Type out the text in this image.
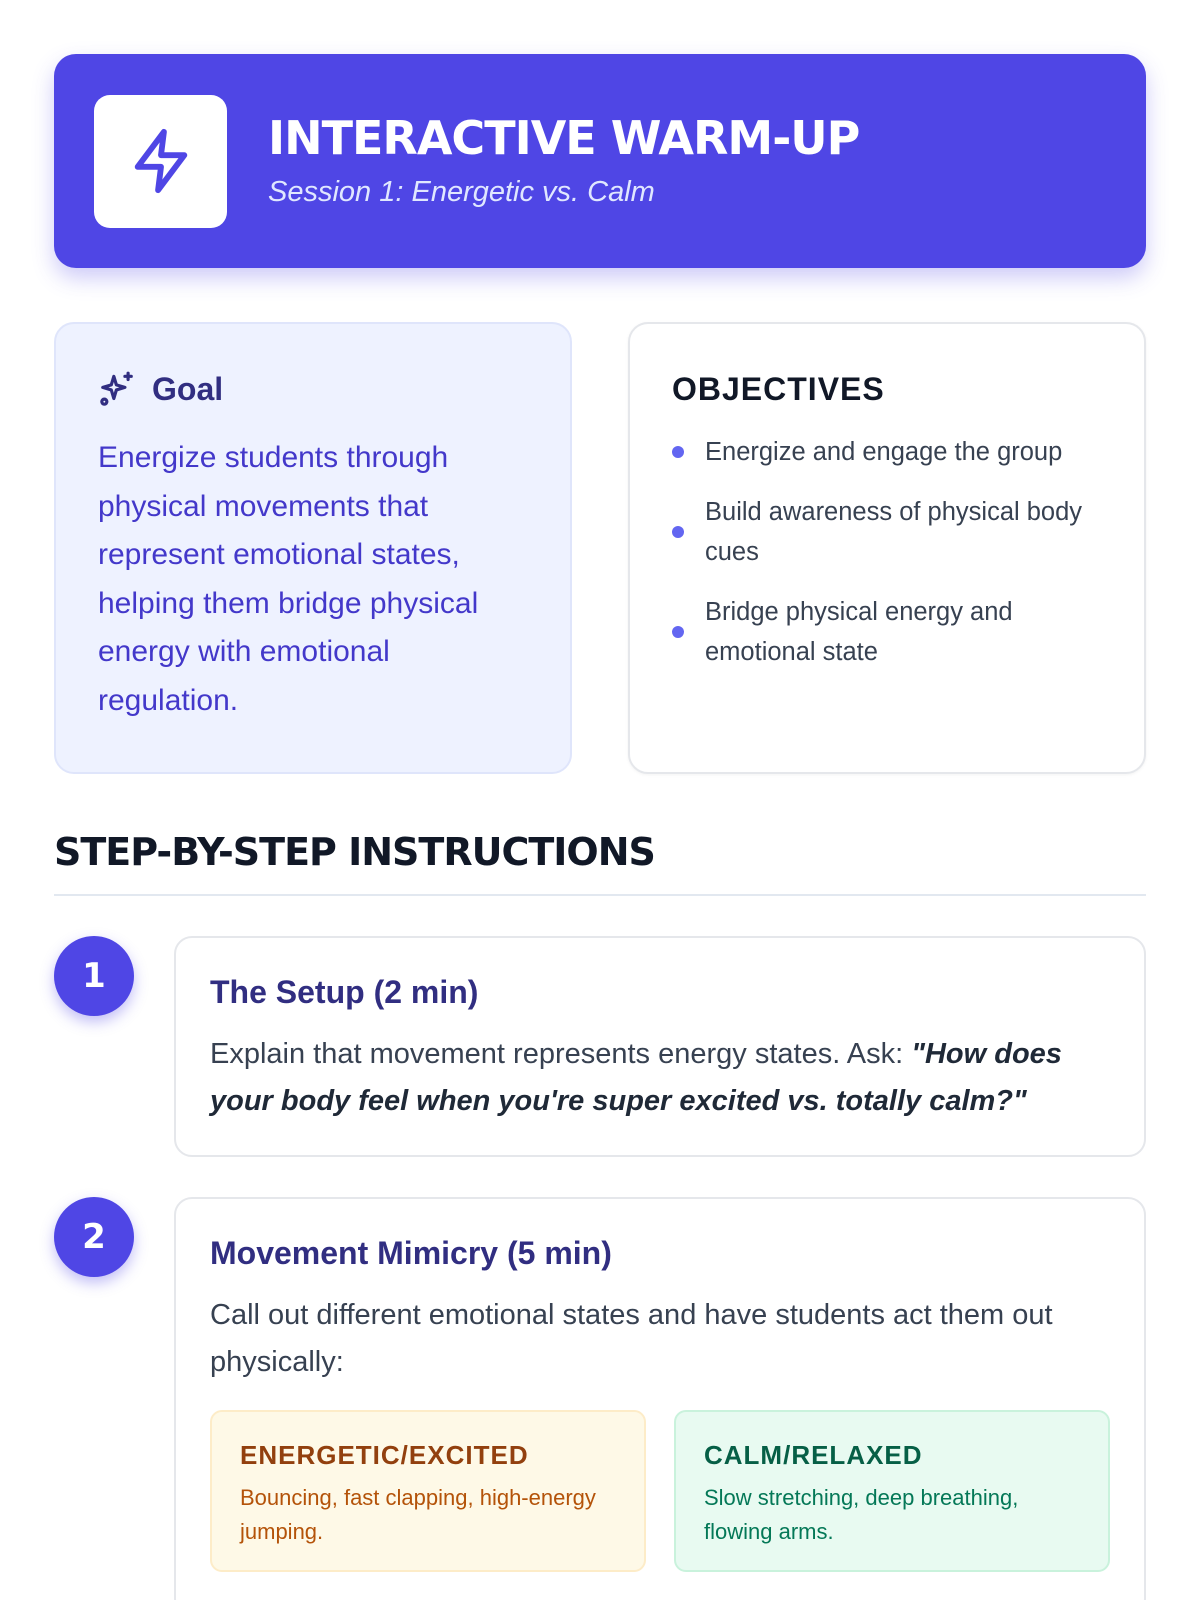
INTERACTIVE WARM-UP
Session 1: Energetic vs. Calm
Goal

Energize students through physical movements that represent emotional states, helping them bridge physical energy with emotional regulation.

OBJECTIVES
Energize and engage the group
Build awareness of physical body cues
Bridge physical energy and emotional state
STEP-BY-STEP INSTRUCTIONS
1	The Setup (2 min)

Explain that movement represents energy states. Ask: "How does your body feel when you're super excited vs. totally calm?"

2	Movement Mimicry (5 min)

Call out different emotional states and have students act them out physically:

ENERGETIC/EXCITED
Bouncing, fast clapping, high-energy jumping.
CALM/RELAXED
Slow stretching, deep breathing, flowing arms.
